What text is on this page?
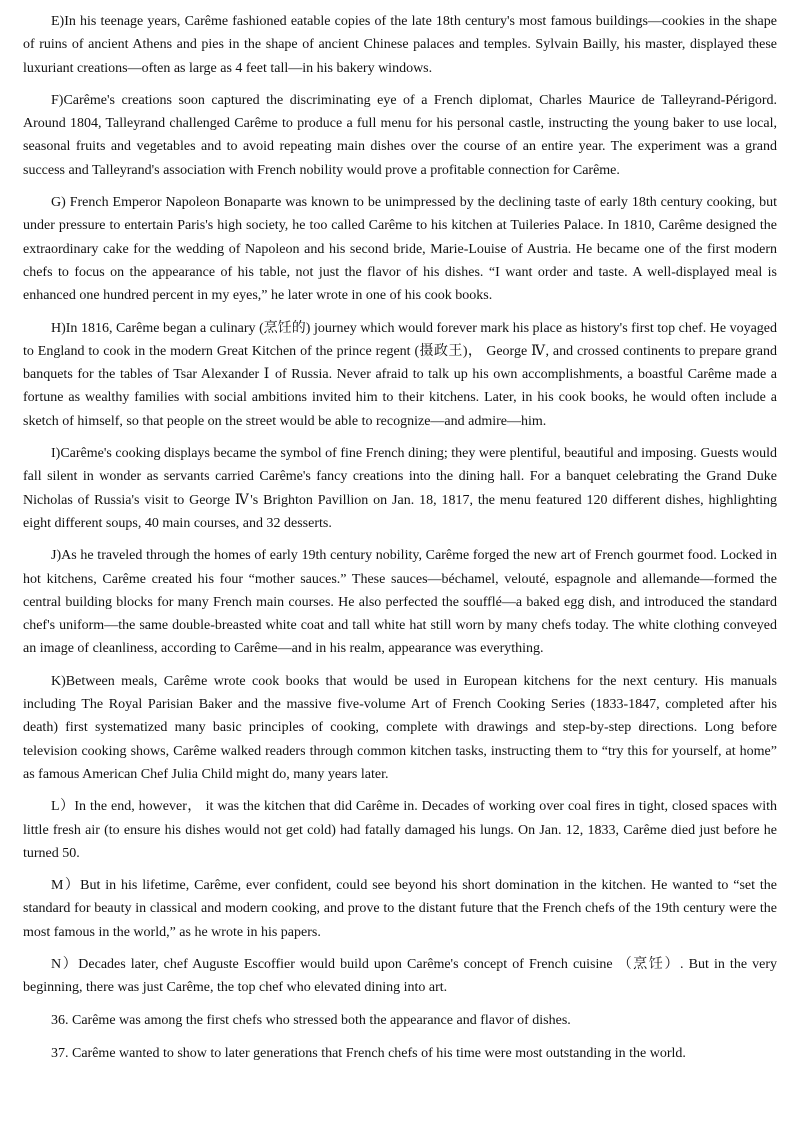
E)In his teenage years, Carême fashioned eatable copies of the late 18th century's most famous buildings—cookies in the shape of ruins of ancient Athens and pies in the shape of ancient Chinese palaces and temples. Sylvain Bailly, his master, displayed these luxuriant creations—often as large as 4 feet tall—in his bakery windows.

F)Carême's creations soon captured the discriminating eye of a French diplomat, Charles Maurice de Talleyrand-Périgord. Around 1804, Talleyrand challenged Carême to produce a full menu for his personal castle, instructing the young baker to use local, seasonal fruits and vegetables and to avoid repeating main dishes over the course of an entire year. The experiment was a grand success and Talleyrand's association with French nobility would prove a profitable connection for Carême.

G) French Emperor Napoleon Bonaparte was known to be unimpressed by the declining taste of early 18th century cooking, but under pressure to entertain Paris's high society, he too called Carême to his kitchen at Tuileries Palace. In 1810, Carême designed the extraordinary cake for the wedding of Napoleon and his second bride, Marie-Louise of Austria. He became one of the first modern chefs to focus on the appearance of his table, not just the flavor of his dishes. “I want order and taste. A well-displayed meal is enhanced one hundred percent in my eyes,” he later wrote in one of his cook books.

H)In 1816, Carême began a culinary (烹饪的) journey which would forever mark his place as history's first top chef. He voyaged to England to cook in the modern Great Kitchen of the prince regent (摄政王)， George Ⅳ, and crossed continents to prepare grand banquets for the tables of Tsar Alexander Ⅰ of Russia. Never afraid to talk up his own accomplishments, a boastful Carême made a fortune as wealthy families with social ambitions invited him to their kitchens. Later, in his cook books, he would often include a sketch of himself, so that people on the street would be able to recognize—and admire—him.

I)Carême's cooking displays became the symbol of fine French dining; they were plentiful, beautiful and imposing. Guests would fall silent in wonder as servants carried Carême's fancy creations into the dining hall. For a banquet celebrating the Grand Duke Nicholas of Russia's visit to George Ⅳ's Brighton Pavillion on Jan. 18, 1817, the menu featured 120 different dishes, highlighting eight different soups, 40 main courses, and 32 desserts.

J)As he traveled through the homes of early 19th century nobility, Carême forged the new art of French gourmet food. Locked in hot kitchens, Carême created his four “mother sauces.” These sauces—béchamel, velouté, espagnole and allemande—formed the central building blocks for many French main courses. He also perfected the soufflé—a baked egg dish, and introduced the standard chef's uniform—the same double-breasted white coat and tall white hat still worn by many chefs today. The white clothing conveyed an image of cleanliness, according to Carême—and in his realm, appearance was everything.

K)Between meals, Carême wrote cook books that would be used in European kitchens for the next century. His manuals including The Royal Parisian Baker and the massive five-volume Art of French Cooking Series (1833-1847, completed after his death) first systematized many basic principles of cooking, complete with drawings and step-by-step directions. Long before television cooking shows, Carême walked readers through common kitchen tasks, instructing them to “try this for yourself, at home” as famous American Chef Julia Child might do, many years later.

L）In the end, however， it was the kitchen that did Carême in. Decades of working over coal fires in tight, closed spaces with little fresh air (to ensure his dishes would not get cold) had fatally damaged his lungs. On Jan. 12, 1833, Carême died just before he turned 50.

M）But in his lifetime, Carême, ever confident, could see beyond his short domination in the kitchen. He wanted to “set the standard for beauty in classical and modern cooking, and prove to the distant future that the French chefs of the 19th century were the most famous in the world,” as he wrote in his papers.

N）Decades later, chef Auguste Escoffier would build upon Carême's concept of French cuisine （烹饪）. But in the very beginning, there was just Carême, the top chef who elevated dining into art.

36. Carême was among the first chefs who stressed both the appearance and flavor of dishes.

37. Carême wanted to show to later generations that French chefs of his time were most outstanding in the world.
